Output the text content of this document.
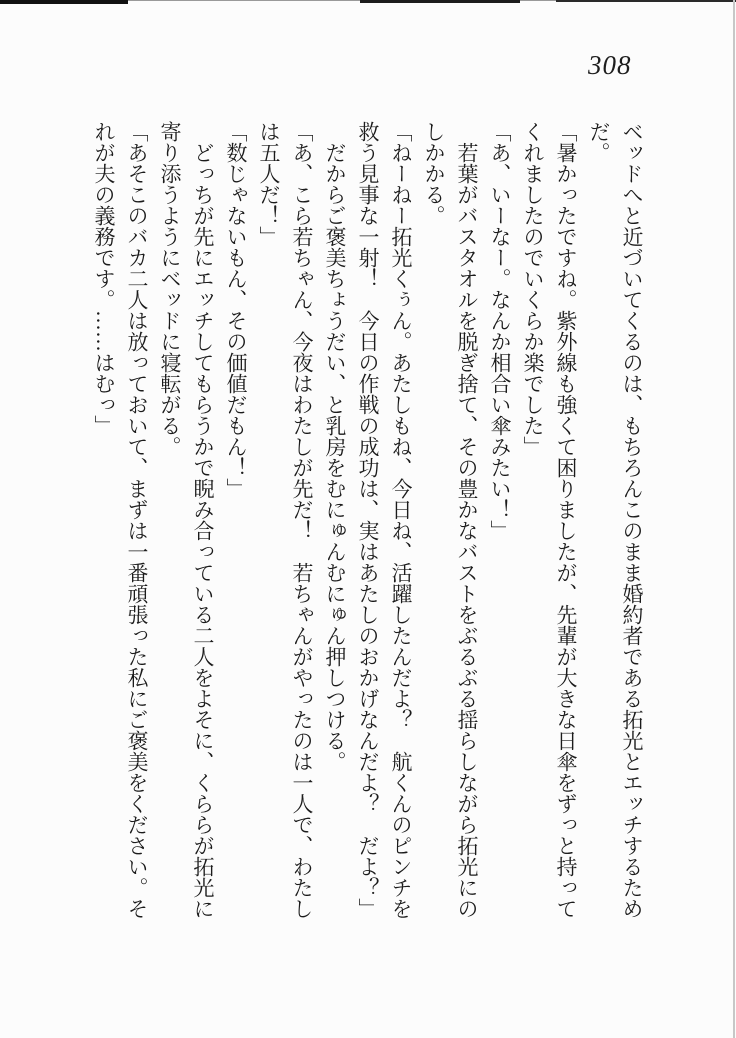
308

ベッドへと近づいてくるのは、もちろんこのまま婚約者である拓光とエッチするためだ。

「暑かったですね。紫外線も強くて困りましたが、先輩が大きな日傘をずっと持ってくれましたのでいくらか楽でした」

「あ、いーなー。なんか相合い傘みたい！」

　若葉がバスタオルを脱ぎ捨て、その豊かなバストをぶるぶる揺らしながら拓光にのしかかる。

「ねーねー拓光くぅん。あたしもね、今日ね、活躍したんだよ？　航くんのピンチを救う見事な一射！　今日の作戦の成功は、実はあたしのおかげなんだよ？　だよ？」

　だからご褒美ちょうだい、と乳房をむにゅんむにゅん押しつける。

「あ、こら若ちゃん、今夜はわたしが先だ！　若ちゃんがやったのは一人で、わたしは五人だ！」

「数じゃないもん、その価値だもん！」

　どっちが先にエッチしてもらうかで睨み合っている二人をよそに、くららが拓光に寄り添うようにベッドに寝転がる。

「あそこのバカ二人は放っておいて、まずは一番頑張った私にご褒美をください。それが夫の義務です。……はむっ」
